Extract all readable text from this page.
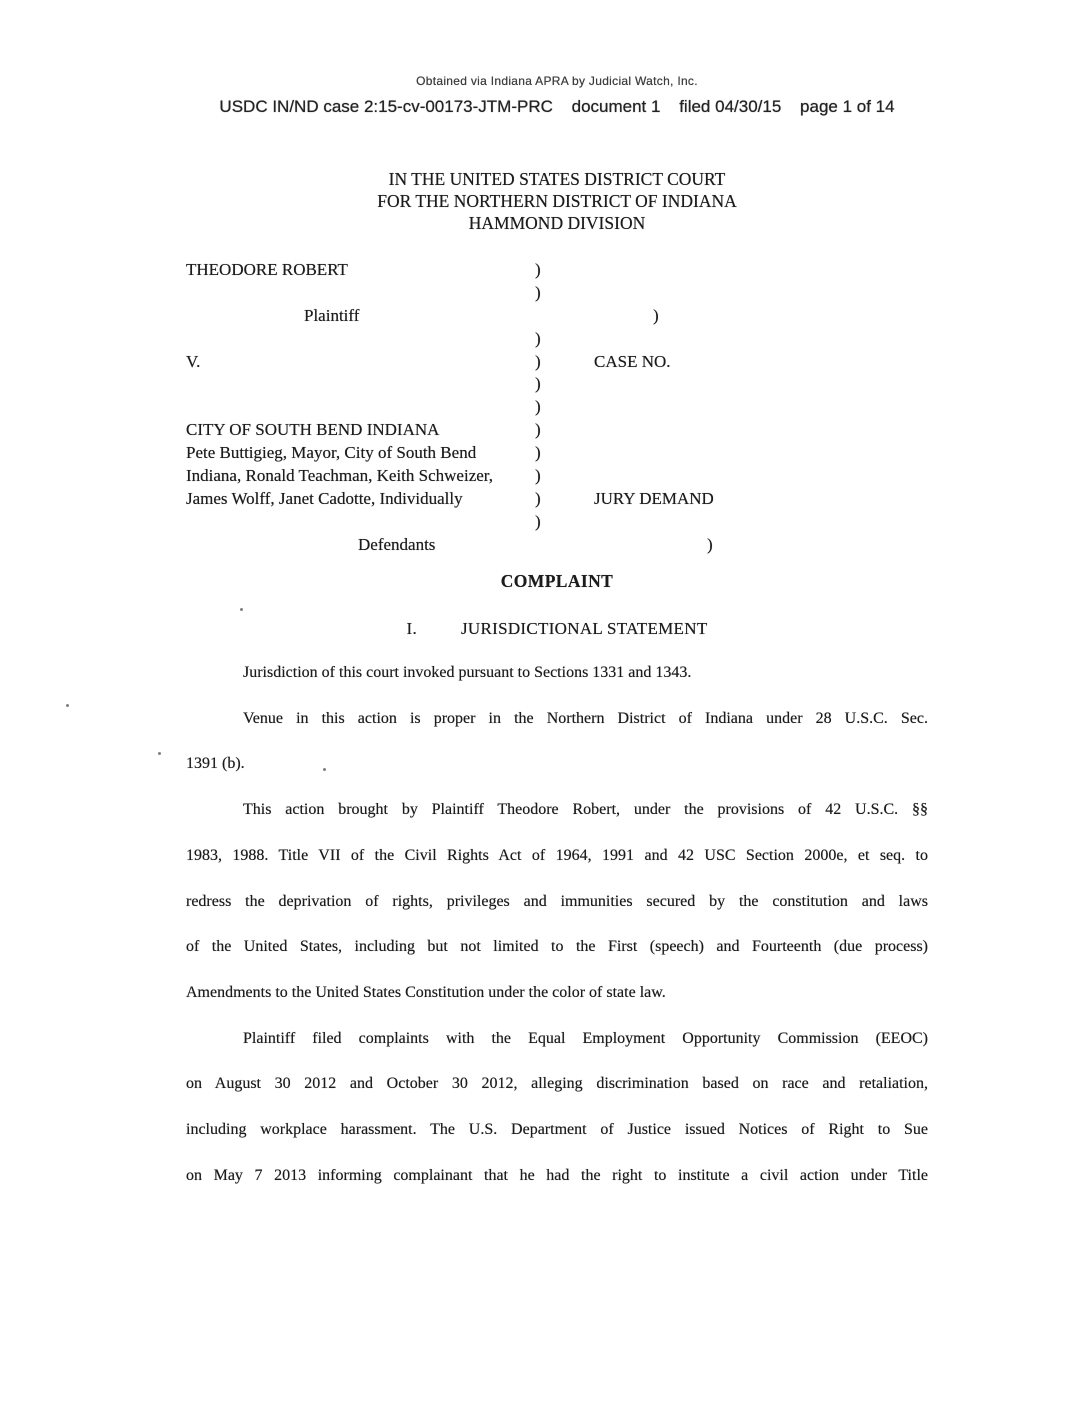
Obtained via Indiana APRA by Judicial Watch, Inc.
USDC IN/ND case 2:15-cv-00173-JTM-PRC document 1 filed 04/30/15 page 1 of 14
IN THE UNITED STATES DISTRICT COURT
FOR THE NORTHERN DISTRICT OF INDIANA
HAMMOND DIVISION
THEODORE ROBERT	)
)
Plaintiff	)
)
V.	)	CASE NO.
)
)
CITY OF SOUTH BEND INDIANA	)
Pete Buttigieg, Mayor, City of South Bend	)
Indiana, Ronald Teachman, Keith Schweizer,	)
James Wolff, Janet Cadotte, Individually	)	JURY DEMAND
)
Defendants	)
COMPLAINT
I.	JURISDICTIONAL STATEMENT
Jurisdiction of this court invoked pursuant to Sections 1331 and 1343.
Venue in this action is proper in the Northern District of Indiana under 28 U.S.C. Sec.
1391 (b).
This action brought by Plaintiff Theodore Robert, under the provisions of 42 U.S.C. §§
1983, 1988. Title VII of the Civil Rights Act of 1964, 1991 and 42 USC Section 2000e, et seq. to
redress the deprivation of rights, privileges and immunities secured by the constitution and laws
of the United States, including but not limited to the First (speech) and Fourteenth (due process)
Amendments to the United States Constitution under the color of state law.
Plaintiff filed complaints with the Equal Employment Opportunity Commission (EEOC)
on August 30 2012 and October 30 2012, alleging discrimination based on race and retaliation,
including workplace harassment. The U.S. Department of Justice issued Notices of Right to Sue
on May 7 2013 informing complainant that he had the right to institute a civil action under Title
